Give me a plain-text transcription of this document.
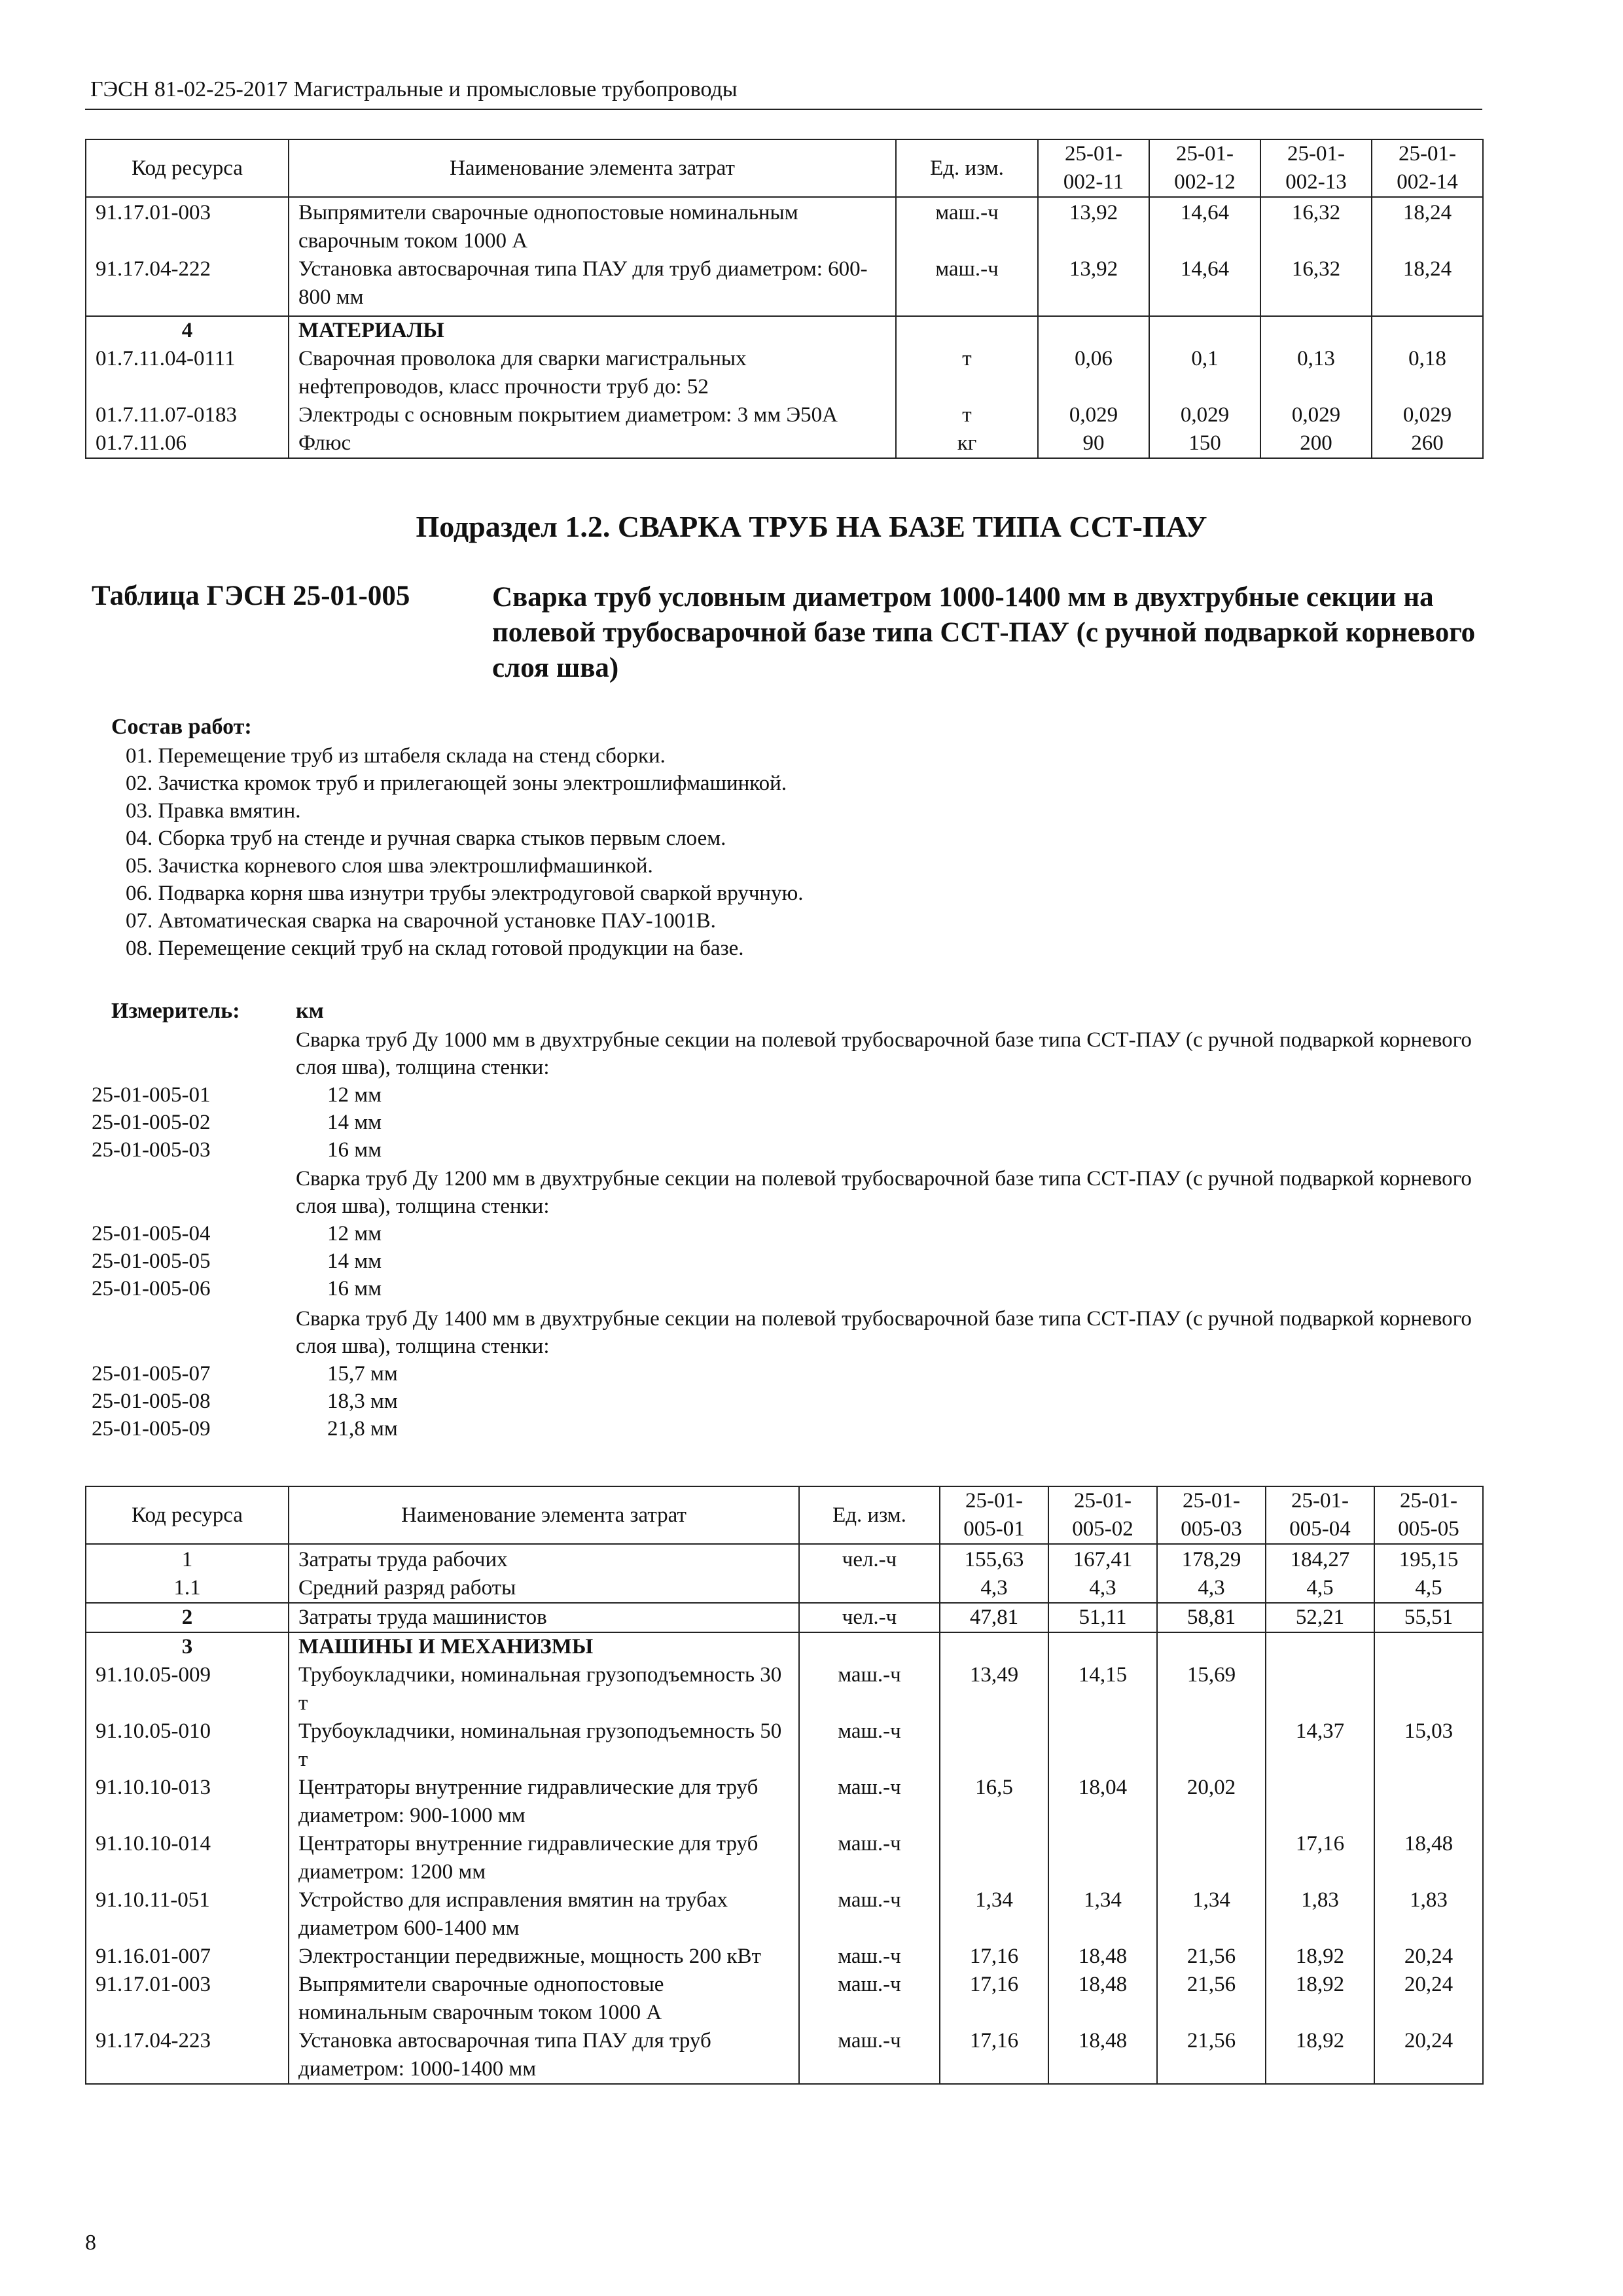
ГЭСН 81-02-25-2017 Магистральные и промысловые трубопроводы
Код ресурса	Наименование элемента затрат	Ед. изм.	25-01-002-11	25-01-002-12	25-01-002-13	25-01-002-14
91.17.01-003	Выпрямители сварочные однопостовые номинальным сварочным током 1000 А	маш.-ч	13,92	14,64	16,32	18,24
91.17.04-222	Установка автосварочная типа ПАУ для труб диаметром: 600-800 мм	маш.-ч	13,92	14,64	16,32	18,24
4	МАТЕРИАЛЫ					
01.7.11.04-0111	Сварочная проволока для сварки магистральных нефтепроводов, класс прочности труб до: 52	т	0,06	0,1	0,13	0,18
01.7.11.07-0183	Электроды с основным покрытием диаметром: 3 мм Э50А	т	0,029	0,029	0,029	0,029
01.7.11.06	Флюс	кг	90	150	200	260
Подраздел 1.2. СВАРКА ТРУБ НА БАЗЕ ТИПА ССТ-ПАУ
Таблица ГЭСН 25-01-005	Сварка труб условным диаметром 1000-1400 мм в двухтрубные секции на полевой трубосварочной базе типа ССТ-ПАУ (с ручной подваркой корневого слоя шва)
Состав работ:
01. Перемещение труб из штабеля склада на стенд сборки.
02. Зачистка кромок труб и прилегающей зоны электрошлифмашинкой.
03. Правка вмятин.
04. Сборка труб на стенде и ручная сварка стыков первым слоем.
05. Зачистка корневого слоя шва электрошлифмашинкой.
06. Подварка корня шва изнутри трубы электродуговой сваркой вручную.
07. Автоматическая сварка на сварочной установке ПАУ-1001В.
08. Перемещение секций труб на склад готовой продукции на базе.
Измеритель:	км
Сварка труб Ду 1000 мм в двухтрубные секции на полевой трубосварочной базе типа ССТ-ПАУ (с ручной подваркой корневого слоя шва), толщина стенки:
25-01-005-01	12 мм
25-01-005-02	14 мм
25-01-005-03	16 мм
Сварка труб Ду 1200 мм в двухтрубные секции на полевой трубосварочной базе типа ССТ-ПАУ (с ручной подваркой корневого слоя шва), толщина стенки:
25-01-005-04	12 мм
25-01-005-05	14 мм
25-01-005-06	16 мм
Сварка труб Ду 1400 мм в двухтрубные секции на полевой трубосварочной базе типа ССТ-ПАУ (с ручной подваркой корневого слоя шва), толщина стенки:
25-01-005-07	15,7 мм
25-01-005-08	18,3 мм
25-01-005-09	21,8 мм
Код ресурса	Наименование элемента затрат	Ед. изм.	25-01-005-01	25-01-005-02	25-01-005-03	25-01-005-04	25-01-005-05
1	Затраты труда рабочих	чел.-ч	155,63	167,41	178,29	184,27	195,15
1.1	Средний разряд работы		4,3	4,3	4,3	4,5	4,5
2	Затраты труда машинистов	чел.-ч	47,81	51,11	58,81	52,21	55,51
3	МАШИНЫ И МЕХАНИЗМЫ						
91.10.05-009	Трубоукладчики, номинальная грузоподъемность 30 т	маш.-ч	13,49	14,15	15,69		
91.10.05-010	Трубоукладчики, номинальная грузоподъемность 50 т	маш.-ч				14,37	15,03
91.10.10-013	Центраторы внутренние гидравлические для труб диаметром: 900-1000 мм	маш.-ч	16,5	18,04	20,02		
91.10.10-014	Центраторы внутренние гидравлические для труб диаметром: 1200 мм	маш.-ч				17,16	18,48
91.10.11-051	Устройство для исправления вмятин на трубах диаметром 600-1400 мм	маш.-ч	1,34	1,34	1,34	1,83	1,83
91.16.01-007	Электростанции передвижные, мощность 200 кВт	маш.-ч	17,16	18,48	21,56	18,92	20,24
91.17.01-003	Выпрямители сварочные однопостовые номинальным сварочным током 1000 А	маш.-ч	17,16	18,48	21,56	18,92	20,24
91.17.04-223	Установка автосварочная типа ПАУ для труб диаметром: 1000-1400 мм	маш.-ч	17,16	18,48	21,56	18,92	20,24
8
